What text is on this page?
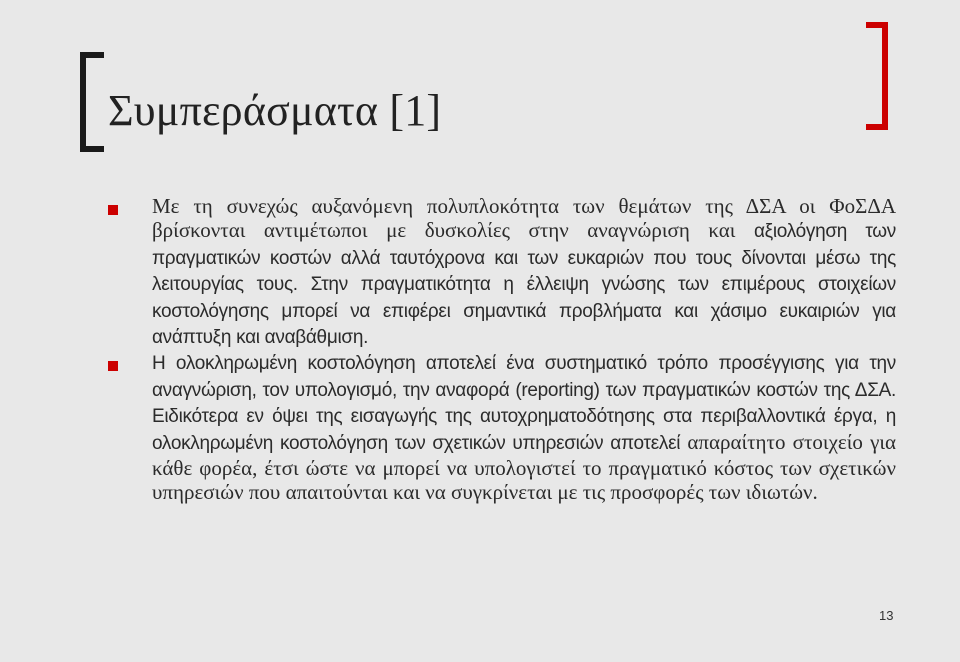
Συμπεράσματα [1]
Με τη συνεχώς αυξανόμενη πολυπλοκότητα των θεμάτων της ΔΣΑ οι ΦοΣΔΑ βρίσκονται αντιμέτωποι με δυσκολίες στην αναγνώριση και αξιολόγηση των πραγματικών κοστών αλλά ταυτόχρονα και των ευκαριών που τους δίνονται μέσω της λειτουργίας τους. Στην πραγματικότητα η έλλειψη γνώσης των επιμέρους στοιχείων κοστολόγησης μπορεί να επιφέρει σημαντικά προβλήματα και χάσιμο ευκαιριών για ανάπτυξη και αναβάθμιση.
Η ολοκληρωμένη κοστολόγηση αποτελεί ένα συστηματικό τρόπο προσέγγισης για την αναγνώριση, τον υπολογισμό, την αναφορά (reporting) των πραγματικών κοστών της ΔΣΑ. Ειδικότερα εν όψει της εισαγωγής της αυτοχρηματοδότησης στα περιβαλλοντικά έργα, η ολοκληρωμένη κοστολόγηση των σχετικών υπηρεσιών αποτελεί απαραίτητο στοιχείο για κάθε φορέα, έτσι ώστε να μπορεί να υπολογιστεί το πραγματικό κόστος των σχετικών υπηρεσιών που απαιτούνται και να συγκρίνεται με τις προσφορές των ιδιωτών.
13
